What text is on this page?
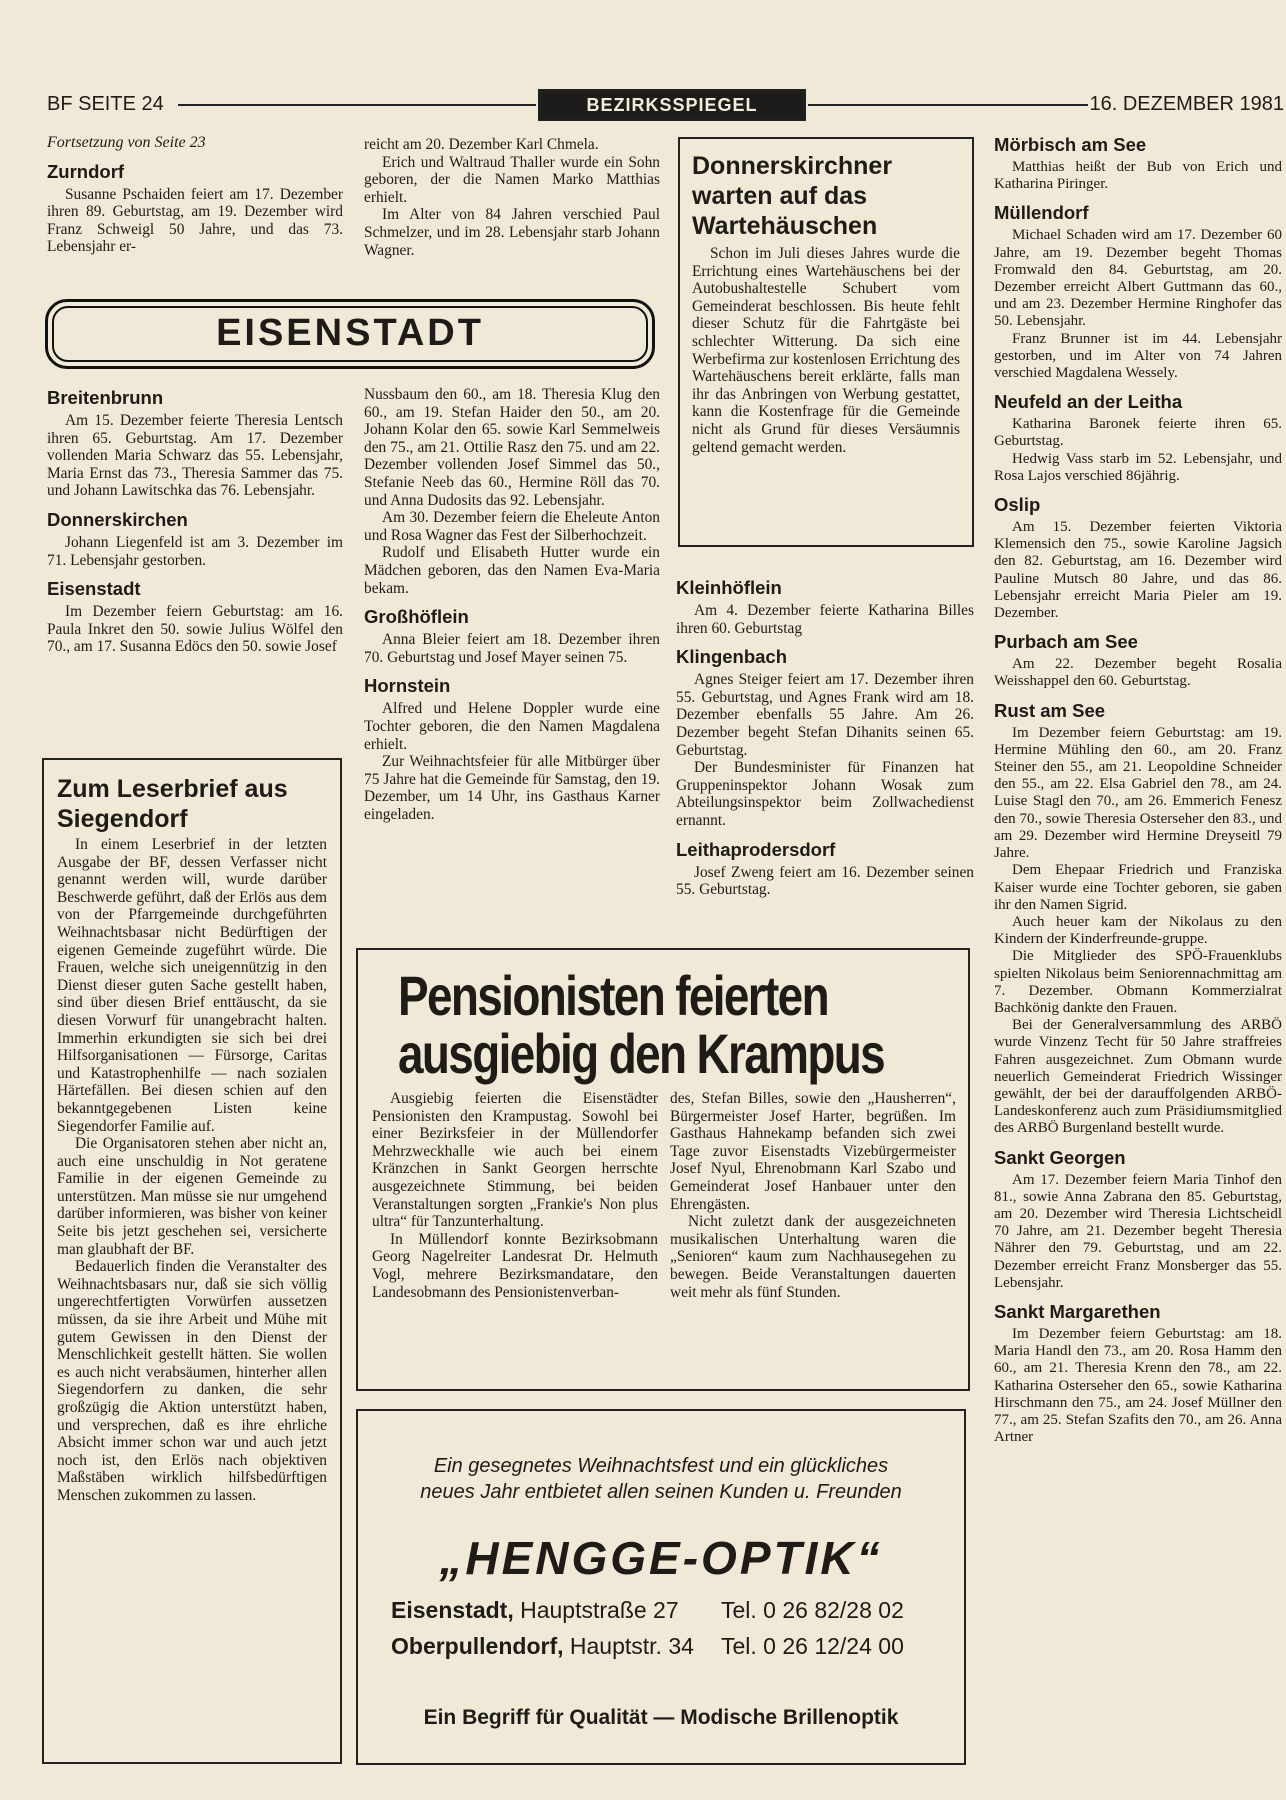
BF SEITE 24	BEZIRKSSPIEGEL	16. DEZEMBER 1981

Fortsetzung von Seite 23

Zurndorf

Susanne Pschaiden feiert am 17. Dezember ihren 89. Geburtstag, am 19. Dezember wird Franz Schweigl 50 Jahre, und das 73. Lebensjahr er-

reicht am 20. Dezember Karl Chmela.

Erich und Waltraud Thaller wurde ein Sohn geboren, der die Namen Marko Matthias erhielt.

Im Alter von 84 Jahren verschied Paul Schmelzer, und im 28. Lebensjahr starb Johann Wagner.

EISENSTADT
Breitenbrunn

Am 15. Dezember feierte Theresia Lentsch ihren 65. Geburtstag. Am 17. Dezember vollenden Maria Schwarz das 55. Lebensjahr, Maria Ernst das 73., Theresia Sammer das 75. und Johann Lawitschka das 76. Lebensjahr.

Donnerskirchen

Johann Liegenfeld ist am 3. Dezember im 71. Lebensjahr gestorben.

Eisenstadt

Im Dezember feiern Geburtstag: am 16. Paula Inkret den 50. sowie Julius Wölfel den 70., am 17. Susanna Edöcs den 50. sowie Josef

Nussbaum den 60., am 18. Theresia Klug den 60., am 19. Stefan Haider den 50., am 20. Johann Kolar den 65. sowie Karl Semmelweis den 75., am 21. Ottilie Rasz den 75. und am 22. Dezember vollenden Josef Simmel das 50., Stefanie Neeb das 60., Hermine Röll das 70. und Anna Dudosits das 92. Lebensjahr.

Am 30. Dezember feiern die Eheleute Anton und Rosa Wagner das Fest der Silberhochzeit.

Rudolf und Elisabeth Hutter wurde ein Mädchen geboren, das den Namen Eva-Maria bekam.

Großhöflein

Anna Bleier feiert am 18. Dezember ihren 70. Geburtstag und Josef Mayer seinen 75.

Hornstein

Alfred und Helene Doppler wurde eine Tochter geboren, die den Namen Magdalena erhielt.

Zur Weihnachtsfeier für alle Mitbürger über 75 Jahre hat die Gemeinde für Samstag, den 19. Dezember, um 14 Uhr, ins Gasthaus Karner eingeladen.

Donnerskirchner warten auf das Wartehäuschen

Schon im Juli dieses Jahres wurde die Errichtung eines Wartehäuschens bei der Autobushaltestelle Schubert vom Gemeinderat beschlossen. Bis heute fehlt dieser Schutz für die Fahrtgäste bei schlechter Witterung. Da sich eine Werbefirma zur kostenlosen Errichtung des Wartehäuschens bereit erklärte, falls man ihr das Anbringen von Werbung gestattet, kann die Kostenfrage für die Gemeinde nicht als Grund für dieses Versäumnis geltend gemacht werden.

Kleinhöflein

Am 4. Dezember feierte Katharina Billes ihren 60. Geburtstag

Klingenbach

Agnes Steiger feiert am 17. Dezember ihren 55. Geburtstag, und Agnes Frank wird am 18. Dezember ebenfalls 55 Jahre. Am 26. Dezember begeht Stefan Dihanits seinen 65. Geburtstag.

Der Bundesminister für Finanzen hat Gruppeninspektor Johann Wosak zum Abteilungsinspektor beim Zollwachedienst ernannt.

Leithaprodersdorf

Josef Zweng feiert am 16. Dezember seinen 55. Geburtstag.

Zum Leserbrief aus Siegendorf

In einem Leserbrief in der letzten Ausgabe der BF, dessen Verfasser nicht genannt werden will, wurde darüber Beschwerde geführt, daß der Erlös aus dem von der Pfarrgemeinde durchgeführten Weihnachtsbasar nicht Bedürftigen der eigenen Gemeinde zugeführt würde. Die Frauen, welche sich uneigennützig in den Dienst dieser guten Sache gestellt haben, sind über diesen Brief enttäuscht, da sie diesen Vorwurf für unangebracht halten. Immerhin erkundigten sie sich bei drei Hilfsorganisationen — Fürsorge, Caritas und Katastrophenhilfe — nach sozialen Härtefällen. Bei diesen schien auf den bekanntgegebenen Listen keine Siegendorfer Familie auf.

Die Organisatoren stehen aber nicht an, auch eine unschuldig in Not geratene Familie in der eigenen Gemeinde zu unterstützen. Man müsse sie nur umgehend darüber informieren, was bisher von keiner Seite bis jetzt geschehen sei, versicherte man glaubhaft der BF.

Bedauerlich finden die Veranstalter des Weihnachtsbasars nur, daß sie sich völlig ungerechtfertigten Vorwürfen aussetzen müssen, da sie ihre Arbeit und Mühe mit gutem Gewissen in den Dienst der Menschlichkeit gestellt hätten. Sie wollen es auch nicht verabsäumen, hinterher allen Siegendorfern zu danken, die sehr großzügig die Aktion unterstützt haben, und versprechen, daß es ihre ehrliche Absicht immer schon war und auch jetzt noch ist, den Erlös nach objektiven Maßstäben wirklich hilfsbedürftigen Menschen zukommen zu lassen.

Pensionisten feierten
ausgiebig den Krampus

Ausgiebig feierten die Eisenstädter Pensionisten den Krampustag. Sowohl bei einer Bezirksfeier in der Müllendorfer Mehrzweckhalle wie auch bei einem Kränzchen in Sankt Georgen herrschte ausgezeichnete Stimmung, bei beiden Veranstaltungen sorgten „Frankie's Non plus ultra“ für Tanzunterhaltung.

In Müllendorf konnte Bezirksobmann Georg Nagelreiter Landesrat Dr. Helmuth Vogl, mehrere Bezirksmandatare, den Landesobmann des Pensionistenverban-

des, Stefan Billes, sowie den „Hausherren“, Bürgermeister Josef Harter, begrüßen. Im Gasthaus Hahnekamp befanden sich zwei Tage zuvor Eisenstadts Vizebürgermeister Josef Nyul, Ehrenobmann Karl Szabo und Gemeinderat Josef Hanbauer unter den Ehrengästen.

Nicht zuletzt dank der ausgezeichneten musikalischen Unterhaltung waren die „Senioren“ kaum zum Nachhausegehen zu bewegen. Beide Veranstaltungen dauerten weit mehr als fünf Stunden.

Ein gesegnetes Weihnachtsfest und ein glückliches
neues Jahr entbietet allen seinen Kunden u. Freunden
„HENGGE-OPTIK“
Eisenstadt, Hauptstraße 27 Tel. 0 26 82/28 02
Oberpullendorf, Hauptstr. 34 Tel. 0 26 12/24 00
Ein Begriff für Qualität — Modische Brillenoptik
Mörbisch am See

Matthias heißt der Bub von Erich und Katharina Piringer.

Müllendorf

Michael Schaden wird am 17. Dezember 60 Jahre, am 19. Dezember begeht Thomas Fromwald den 84. Geburtstag, am 20. Dezember erreicht Albert Guttmann das 60., und am 23. Dezember Hermine Ringhofer das 50. Lebensjahr.

Franz Brunner ist im 44. Lebensjahr gestorben, und im Alter von 74 Jahren verschied Magdalena Wessely.

Neufeld an der Leitha

Katharina Baronek feierte ihren 65. Geburtstag.

Hedwig Vass starb im 52. Lebensjahr, und Rosa Lajos verschied 86jährig.

Oslip

Am 15. Dezember feierten Viktoria Klemensich den 75., sowie Karoline Jagsich den 82. Geburtstag, am 16. Dezember wird Pauline Mutsch 80 Jahre, und das 86. Lebensjahr erreicht Maria Pieler am 19. Dezember.

Purbach am See

Am 22. Dezember begeht Rosalia Weisshappel den 60. Geburtstag.

Rust am See

Im Dezember feiern Geburtstag: am 19. Hermine Mühling den 60., am 20. Franz Steiner den 55., am 21. Leopoldine Schneider den 55., am 22. Elsa Gabriel den 78., am 24. Luise Stagl den 70., am 26. Emmerich Fenesz den 70., sowie Theresia Osterseher den 83., und am 29. Dezember wird Hermine Dreyseitl 79 Jahre.

Dem Ehepaar Friedrich und Franziska Kaiser wurde eine Tochter geboren, sie gaben ihr den Namen Sigrid.

Auch heuer kam der Nikolaus zu den Kindern der Kinderfreunde-gruppe.

Die Mitglieder des SPÖ-Frauenklubs spielten Nikolaus beim Seniorennachmittag am 7. Dezember. Obmann Kommerzialrat Bachkönig dankte den Frauen.

Bei der Generalversammlung des ARBÖ wurde Vinzenz Techt für 50 Jahre straffreies Fahren ausgezeichnet. Zum Obmann wurde neuerlich Gemeinderat Friedrich Wissinger gewählt, der bei der darauffolgenden ARBÖ-Landeskonferenz auch zum Präsidiumsmitglied des ARBÖ Burgenland bestellt wurde.

Sankt Georgen

Am 17. Dezember feiern Maria Tinhof den 81., sowie Anna Zabrana den 85. Geburtstag, am 20. Dezember wird Theresia Lichtscheidl 70 Jahre, am 21. Dezember begeht Theresia Nährer den 79. Geburtstag, und am 22. Dezember erreicht Franz Monsberger das 55. Lebensjahr.

Sankt Margarethen

Im Dezember feiern Geburtstag: am 18. Maria Handl den 73., am 20. Rosa Hamm den 60., am 21. Theresia Krenn den 78., am 22. Katharina Osterseher den 65., sowie Katharina Hirschmann den 75., am 24. Josef Müllner den 77., am 25. Stefan Szafits den 70., am 26. Anna Artner
